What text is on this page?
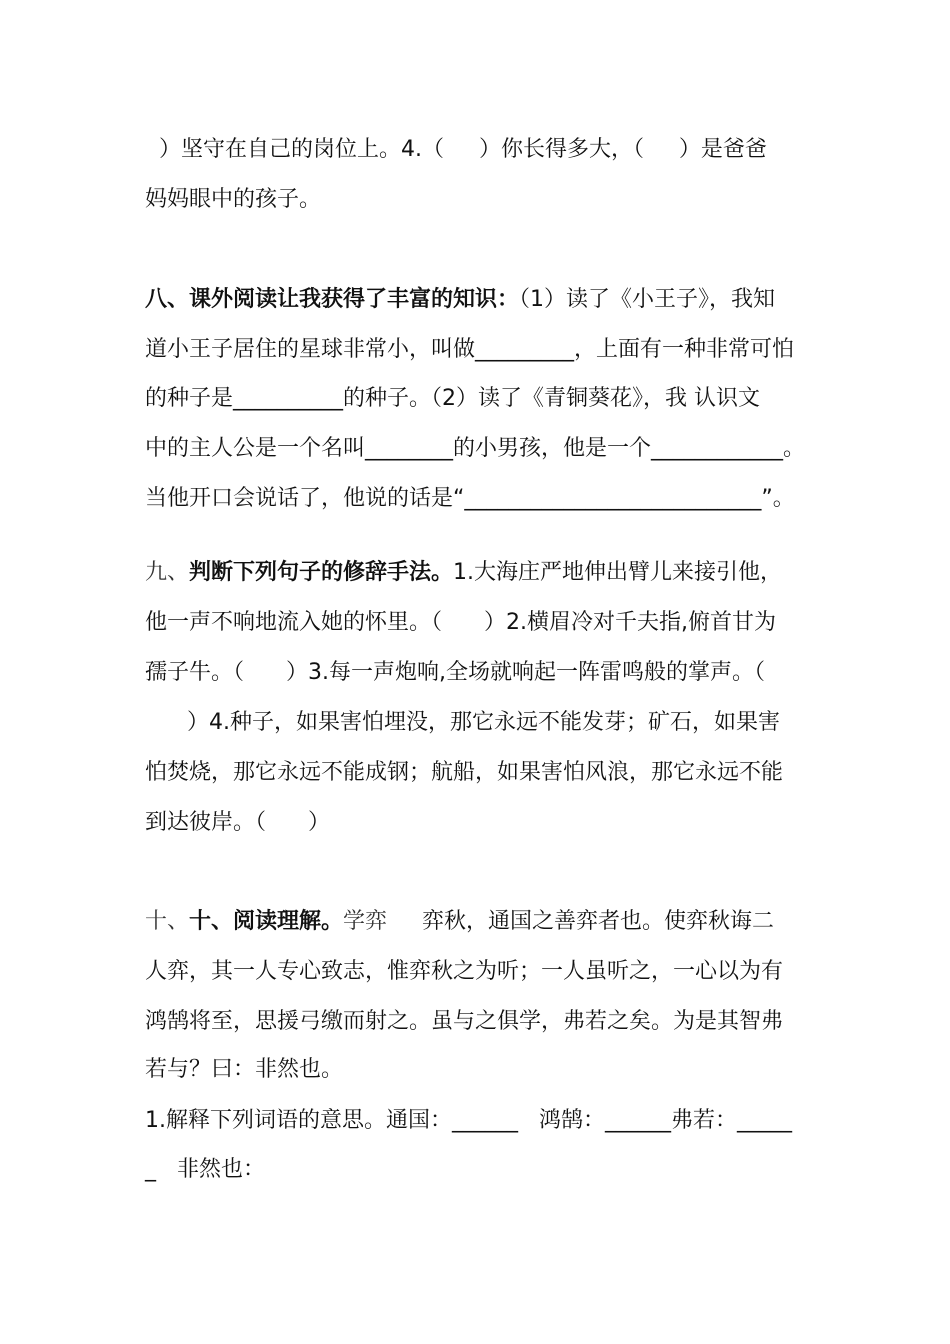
）坚守在自己的岗位上。4.（     ）你长得多大，（     ）是爸爸
妈妈眼中的孩子。
八、课外阅读让我获得了丰富的知识：（1）读了《小王子》，我知
道小王子居住的星球非常小，叫做_________，上面有一种非常可怕
的种子是__________的种子。（2）读了《青铜葵花》，我 认识文
中的主人公是一个名叫________的小男孩，他是一个____________。
当他开口会说话了，他说的话是“___________________________”。
九、判断下列句子的修辞手法。1.大海庄严地伸出臂儿来接引他，
他一声不响地流入她的怀里。（      ）2.横眉冷对千夫指,俯首甘为
孺子牛。（      ）3.每一声炮响,全场就响起一阵雷鸣般的掌声。（
）4.种子，如果害怕埋没，那它永远不能发芽；矿石，如果害
怕焚烧，那它永远不能成钢；航船，如果害怕风浪，那它永远不能
到达彼岸。（      ）
十、十、阅读理解。学弈     弈秋，通国之善弈者也。使弈秋诲二
人弈，其一人专心致志，惟弈秋之为听；一人虽听之，一心以为有
鸿鹄将至，思援弓缴而射之。虽与之俱学，弗若之矣。为是其智弗
若与？曰：非然也。
1.解释下列词语的意思。通国：______   鸿鹄：______弗若：_____
_   非然也：
